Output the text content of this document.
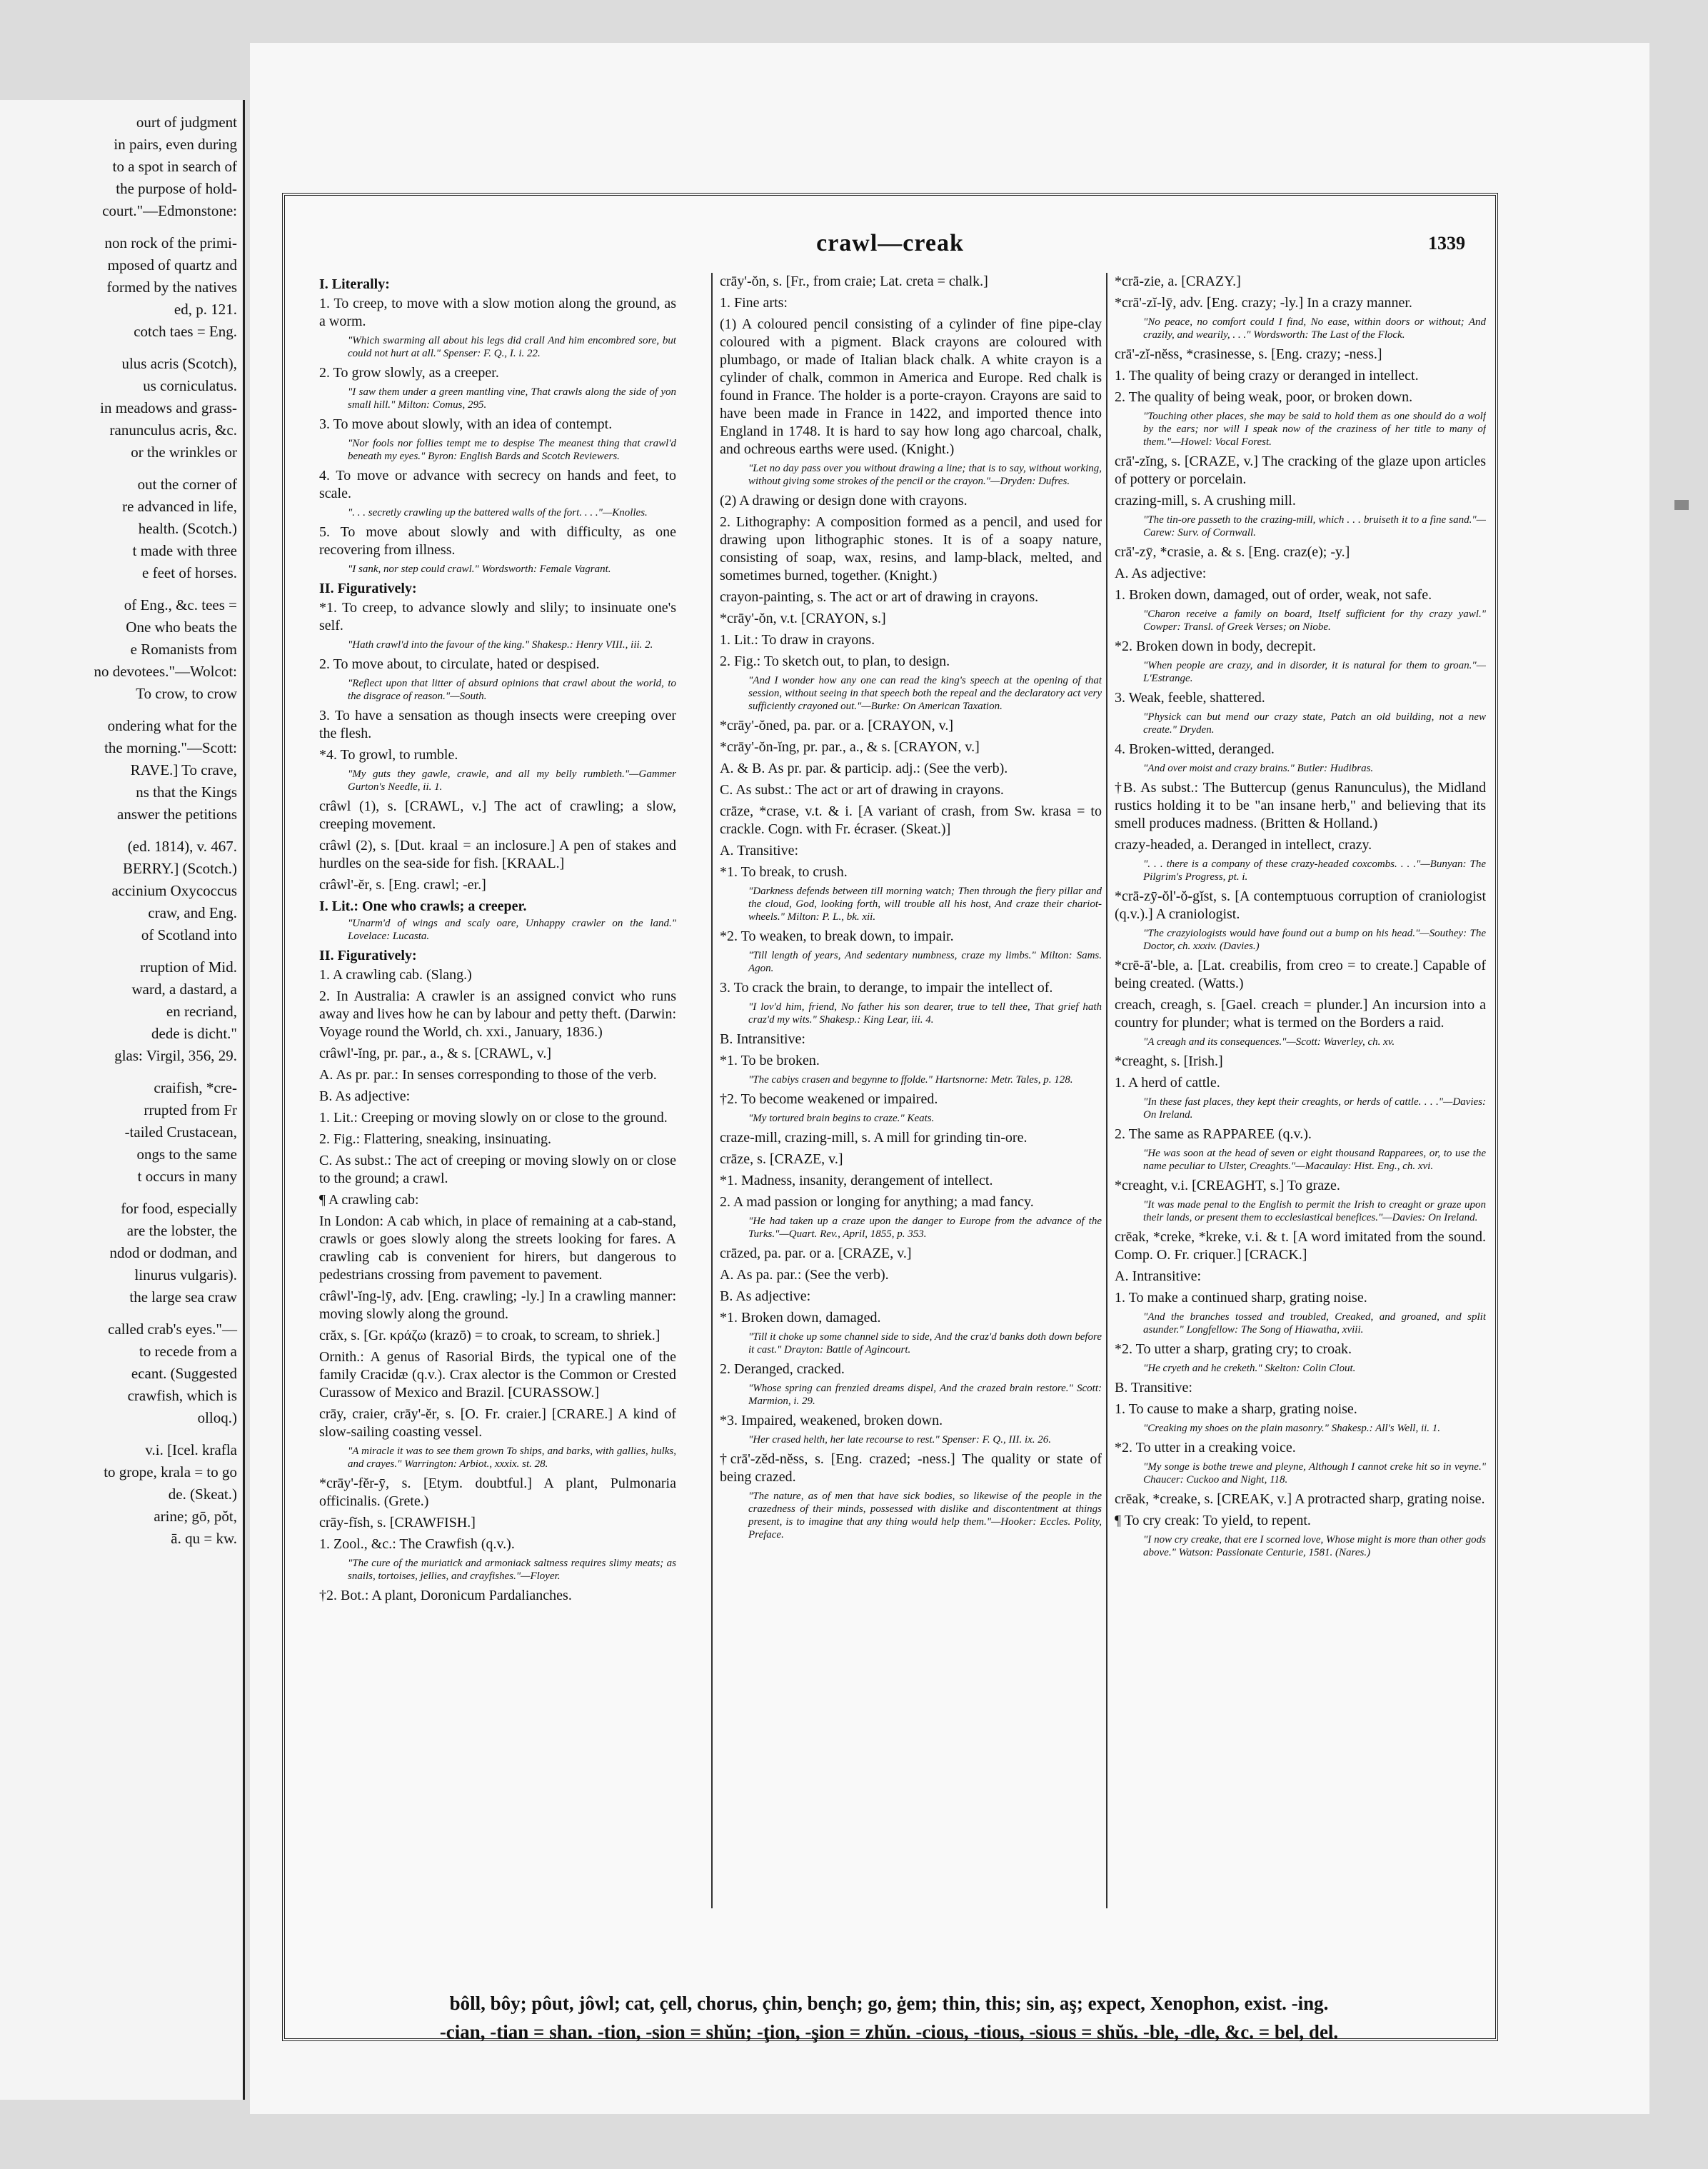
ourt of judgment
in pairs, even during
to a spot in search of
the purpose of hold-
court."—Edmonstone:
non rock of the primi-
mposed of quartz and
formed by the natives
ed, p. 121.
cotch taes = Eng.
ulus acris (Scotch),
us corniculatus.
in meadows and grass-
ranunculus acris, &c.
or the wrinkles or
out the corner of
re advanced in life,
health. (Scotch.)
t made with three
e feet of horses.
of Eng., &c. tees =
One who beats the
e Romanists from
no devotees."—Wolcot:
To crow, to crow
ondering what for the
the morning."—Scott:
RAVE.] To crave,
ns that the Kings
answer the petitions
(ed. 1814), v. 467.
BERRY.] (Scotch.)
accinium Oxycoccus
craw, and Eng.
of Scotland into
rruption of Mid.
ward, a dastard, a
en recriand,
dede is dicht."
glas: Virgil, 356, 29.
craifish, *cre-
rrupted from Fr
-tailed Crustacean,
ongs to the same
t occurs in many
for food, especially
are the lobster, the
ndod or dodman, and
linurus vulgaris).
the large sea craw
called crab's eyes."—
to recede from a
ecant. (Suggested
crawfish, which is
olloq.)
v.i. [Icel. krafla
to grope, krala = to go
de. (Skeat.)
arine; gō, pŏt,
ā. qu = kw.
crawl—creak	1339

I. Literally:

1. To creep, to move with a slow motion along the ground, as a worm.

"Which swarming all about his legs did crall And him encombred sore, but could not hurt at all." Spenser: F. Q., I. i. 22.

2. To grow slowly, as a creeper.

"I saw them under a green mantling vine, That crawls along the side of yon small hill." Milton: Comus, 295.

3. To move about slowly, with an idea of contempt.

"Nor fools nor follies tempt me to despise The meanest thing that crawl'd beneath my eyes." Byron: English Bards and Scotch Reviewers.

4. To move or advance with secrecy on hands and feet, to scale.

". . . secretly crawling up the battered walls of the fort. . . ."—Knolles.

5. To move about slowly and with difficulty, as one recovering from illness.

"I sank, nor step could crawl." Wordsworth: Female Vagrant.

II. Figuratively:

*1. To creep, to advance slowly and slily; to insinuate one's self.

"Hath crawl'd into the favour of the king." Shakesp.: Henry VIII., iii. 2.

2. To move about, to circulate, hated or despised.

"Reflect upon that litter of absurd opinions that crawl about the world, to the disgrace of reason."—South.

3. To have a sensation as though insects were creeping over the flesh.

*4. To growl, to rumble.

"My guts they gawle, crawle, and all my belly rumbleth."—Gammer Gurton's Needle, ii. 1.

crâwl (1), s. [CRAWL, v.] The act of crawling; a slow, creeping movement.

crâwl (2), s. [Dut. kraal = an inclosure.] A pen of stakes and hurdles on the sea-side for fish. [KRAAL.]

crâwl'-ĕr, s. [Eng. crawl; -er.]

I. Lit.: One who crawls; a creeper.

"Unarm'd of wings and scaly oare, Unhappy crawler on the land." Lovelace: Lucasta.

II. Figuratively:

1. A crawling cab. (Slang.)

2. In Australia: A crawler is an assigned convict who runs away and lives how he can by labour and petty theft. (Darwin: Voyage round the World, ch. xxi., January, 1836.)

crâwl'-ĭng, pr. par., a., & s. [CRAWL, v.]

A. As pr. par.: In senses corresponding to those of the verb.

B. As adjective:

1. Lit.: Creeping or moving slowly on or close to the ground.

2. Fig.: Flattering, sneaking, insinuating.

C. As subst.: The act of creeping or moving slowly on or close to the ground; a crawl.

¶ A crawling cab:

In London: A cab which, in place of remaining at a cab-stand, crawls or goes slowly along the streets looking for fares. A crawling cab is convenient for hirers, but dangerous to pedestrians crossing from pavement to pavement.

crâwl'-ĭng-lȳ, adv. [Eng. crawling; -ly.] In a crawling manner: moving slowly along the ground.

crăx, s. [Gr. κράζω (krazō) = to croak, to scream, to shriek.]

Ornith.: A genus of Rasorial Birds, the typical one of the family Cracidæ (q.v.). Crax alector is the Common or Crested Curassow of Mexico and Brazil. [CURASSOW.]

crāy, craier, crāy'-ĕr, s. [O. Fr. craier.] [CRARE.] A kind of slow-sailing coasting vessel.

"A miracle it was to see them grown To ships, and barks, with gallies, hulks, and crayes." Warrington: Arbiot., xxxix. st. 28.

*crāy'-fĕr-ȳ, s. [Etym. doubtful.] A plant, Pulmonaria officinalis. (Grete.)

crāy-fĭsh, s. [CRAWFISH.]

1. Zool., &c.: The Crawfish (q.v.).

"The cure of the muriatick and armoniack saltness requires slimy meats; as snails, tortoises, jellies, and crayfishes."—Floyer.

†2. Bot.: A plant, Doronicum Pardalianches.

crāy'-ŏn, s. [Fr., from craie; Lat. creta = chalk.]

1. Fine arts:

(1) A coloured pencil consisting of a cylinder of fine pipe-clay coloured with a pigment. Black crayons are coloured with plumbago, or made of Italian black chalk. A white crayon is a cylinder of chalk, common in America and Europe. Red chalk is found in France. The holder is a porte-crayon. Crayons are said to have been made in France in 1422, and imported thence into England in 1748. It is hard to say how long ago charcoal, chalk, and ochreous earths were used. (Knight.)

"Let no day pass over you without drawing a line; that is to say, without working, without giving some strokes of the pencil or the crayon."—Dryden: Dufres.

(2) A drawing or design done with crayons.

2. Lithography: A composition formed as a pencil, and used for drawing upon lithographic stones. It is of a soapy nature, consisting of soap, wax, resins, and lamp-black, melted, and sometimes burned, together. (Knight.)

crayon-painting, s. The act or art of drawing in crayons.

*crāy'-ŏn, v.t. [CRAYON, s.]

1. Lit.: To draw in crayons.

2. Fig.: To sketch out, to plan, to design.

"And I wonder how any one can read the king's speech at the opening of that session, without seeing in that speech both the repeal and the declaratory act very sufficiently crayoned out."—Burke: On American Taxation.

*crāy'-ŏned, pa. par. or a. [CRAYON, v.]

*crāy'-ŏn-ĭng, pr. par., a., & s. [CRAYON, v.]

A. & B. As pr. par. & particip. adj.: (See the verb).

C. As subst.: The act or art of drawing in crayons.

crāze, *crase, v.t. & i. [A variant of crash, from Sw. krasa = to crackle. Cogn. with Fr. écraser. (Skeat.)]

A. Transitive:

*1. To break, to crush.

"Darkness defends between till morning watch; Then through the fiery pillar and the cloud, God, looking forth, will trouble all his host, And craze their chariot-wheels." Milton: P. L., bk. xii.

*2. To weaken, to break down, to impair.

"Till length of years, And sedentary numbness, craze my limbs." Milton: Sams. Agon.

3. To crack the brain, to derange, to impair the intellect of.

"I lov'd him, friend, No father his son dearer, true to tell thee, That grief hath craz'd my wits." Shakesp.: King Lear, iii. 4.

B. Intransitive:

*1. To be broken.

"The cabiys crasen and begynne to ffolde." Hartsnorne: Metr. Tales, p. 128.

†2. To become weakened or impaired.

"My tortured brain begins to craze." Keats.

craze-mill, crazing-mill, s. A mill for grinding tin-ore.

crāze, s. [CRAZE, v.]

*1. Madness, insanity, derangement of intellect.

2. A mad passion or longing for anything; a mad fancy.

"He had taken up a craze upon the danger to Europe from the advance of the Turks."—Quart. Rev., April, 1855, p. 353.

crāzed, pa. par. or a. [CRAZE, v.]

A. As pa. par.: (See the verb).

B. As adjective:

*1. Broken down, damaged.

"Till it choke up some channel side to side, And the craz'd banks doth down before it cast." Drayton: Battle of Agincourt.

2. Deranged, cracked.

"Whose spring can frenzied dreams dispel, And the crazed brain restore." Scott: Marmion, i. 29.

*3. Impaired, weakened, broken down.

"Her crased helth, her late recourse to rest." Spenser: F. Q., III. ix. 26.

†crā'-zĕd-nĕss, s. [Eng. crazed; -ness.] The quality or state of being crazed.

"The nature, as of men that have sick bodies, so likewise of the people in the crazedness of their minds, possessed with dislike and discontentment at things present, is to imagine that any thing would help them."—Hooker: Eccles. Polity, Preface.

*crā-zie, a. [CRAZY.]

*crā'-zĭ-lȳ, adv. [Eng. crazy; -ly.] In a crazy manner.

"No peace, no comfort could I find, No ease, within doors or without; And crazily, and wearily, . . ." Wordsworth: The Last of the Flock.

crā'-zĭ-nĕss, *crasinesse, s. [Eng. crazy; -ness.]

1. The quality of being crazy or deranged in intellect.

2. The quality of being weak, poor, or broken down.

"Touching other places, she may be said to hold them as one should do a wolf by the ears; nor will I speak now of the craziness of her title to many of them."—Howel: Vocal Forest.

crā'-zĭng, s. [CRAZE, v.] The cracking of the glaze upon articles of pottery or porcelain.

crazing-mill, s. A crushing mill.

"The tin-ore passeth to the crazing-mill, which . . . bruiseth it to a fine sand."—Carew: Surv. of Cornwall.

crā'-zȳ, *crasie, a. & s. [Eng. craz(e); -y.]

A. As adjective:

1. Broken down, damaged, out of order, weak, not safe.

"Charon receive a family on board, Itself sufficient for thy crazy yawl." Cowper: Transl. of Greek Verses; on Niobe.

*2. Broken down in body, decrepit.

"When people are crazy, and in disorder, it is natural for them to groan."—L'Estrange.

3. Weak, feeble, shattered.

"Physick can but mend our crazy state, Patch an old building, not a new create." Dryden.

4. Broken-witted, deranged.

"And over moist and crazy brains." Butler: Hudibras.

†B. As subst.: The Buttercup (genus Ranunculus), the Midland rustics holding it to be "an insane herb," and believing that its smell produces madness. (Britten & Holland.)

crazy-headed, a. Deranged in intellect, crazy.

". . . there is a company of these crazy-headed coxcombs. . . ."—Bunyan: The Pilgrim's Progress, pt. i.

*crā-zȳ-ŏl'-ŏ-gĭst, s. [A contemptuous corruption of craniologist (q.v.).] A craniologist.

"The crazyiologists would have found out a bump on his head."—Southey: The Doctor, ch. xxxiv. (Davies.)

*crē-ā'-ble, a. [Lat. creabilis, from creo = to create.] Capable of being created. (Watts.)

creach, creagh, s. [Gael. creach = plunder.] An incursion into a country for plunder; what is termed on the Borders a raid.

"A creagh and its consequences."—Scott: Waverley, ch. xv.

*creaght, s. [Irish.]

1. A herd of cattle.

"In these fast places, they kept their creaghts, or herds of cattle. . . ."—Davies: On Ireland.

2. The same as RAPPAREE (q.v.).

"He was soon at the head of seven or eight thousand Rapparees, or, to use the name peculiar to Ulster, Creaghts."—Macaulay: Hist. Eng., ch. xvi.

*creaght, v.i. [CREAGHT, s.] To graze.

"It was made penal to the English to permit the Irish to creaght or graze upon their lands, or present them to ecclesiastical benefices."—Davies: On Ireland.

crēak, *creke, *kreke, v.i. & t. [A word imitated from the sound. Comp. O. Fr. criquer.] [CRACK.]

A. Intransitive:

1. To make a continued sharp, grating noise.

"And the branches tossed and troubled, Creaked, and groaned, and split asunder." Longfellow: The Song of Hiawatha, xviii.

*2. To utter a sharp, grating cry; to croak.

"He cryeth and he creketh." Skelton: Colin Clout.

B. Transitive:

1. To cause to make a sharp, grating noise.

"Creaking my shoes on the plain masonry." Shakesp.: All's Well, ii. 1.

*2. To utter in a creaking voice.

"My songe is bothe trewe and pleyne, Although I cannot creke hit so in veyne." Chaucer: Cuckoo and Night, 118.

crēak, *creake, s. [CREAK, v.] A protracted sharp, grating noise.

¶ To cry creak: To yield, to repent.

"I now cry creake, that ere I scorned love, Whose might is more than other gods above." Watson: Passionate Centurie, 1581. (Nares.)

bôll, bôy; pôut, jôwl; cat, çell, chorus, çhin, bençh; go, ġem; thin, this; sin, aş; expect, Xenophon, exist. -ing.
-cian, -tian = shan. -tion, -sion = shŭn; -ţion, -şion = zhŭn. -cious, -tious, -sious = shŭs. -ble, -dle, &c. = bel, del.
